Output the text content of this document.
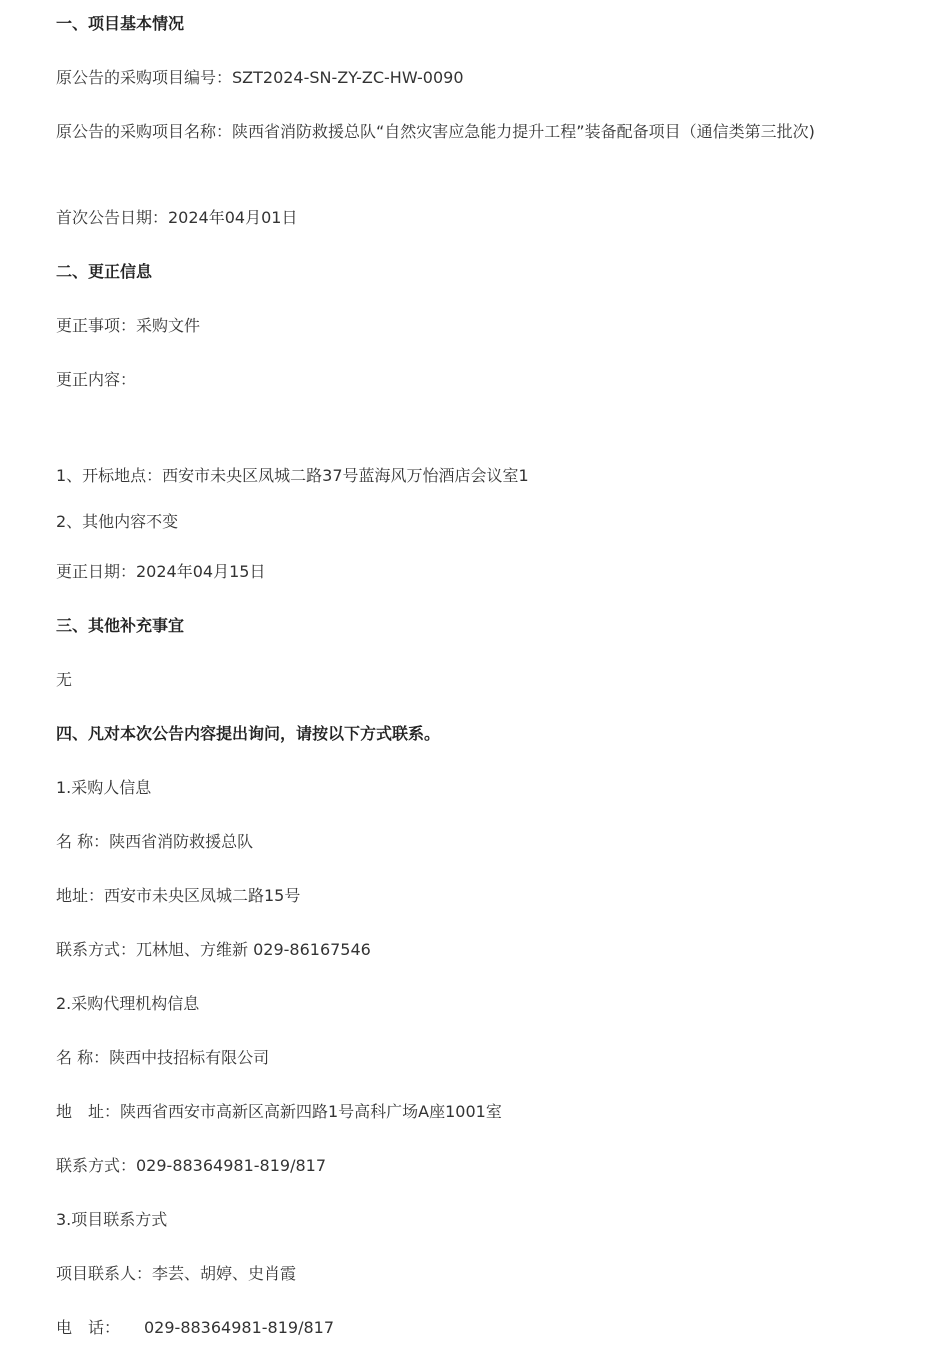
一、项目基本情况

原公告的采购项目编号：SZT2024-SN-ZY-ZC-HW-0090

原公告的采购项目名称：陕西省消防救援总队“自然灾害应急能力提升工程”装备配备项目（通信类第三批次)

首次公告日期：2024年04月01日

二、更正信息

更正事项：采购文件

更正内容：

1、开标地点：西安市未央区凤城二路37号蓝海风万怡酒店会议室1

2、其他内容不变

更正日期：2024年04月15日

三、其他补充事宜

无

四、凡对本次公告内容提出询问，请按以下方式联系。

1.采购人信息

名 称：陕西省消防救援总队

地址：西安市未央区凤城二路15号

联系方式：兀林旭、方维新 029-86167546

2.采购代理机构信息

名 称：陕西中技招标有限公司

地　址：陕西省西安市高新区高新四路1号高科广场A座1001室

联系方式：029-88364981-819/817

3.项目联系方式

项目联系人：李芸、胡婷、史肖霞

电　话：　　029-88364981-819/817
